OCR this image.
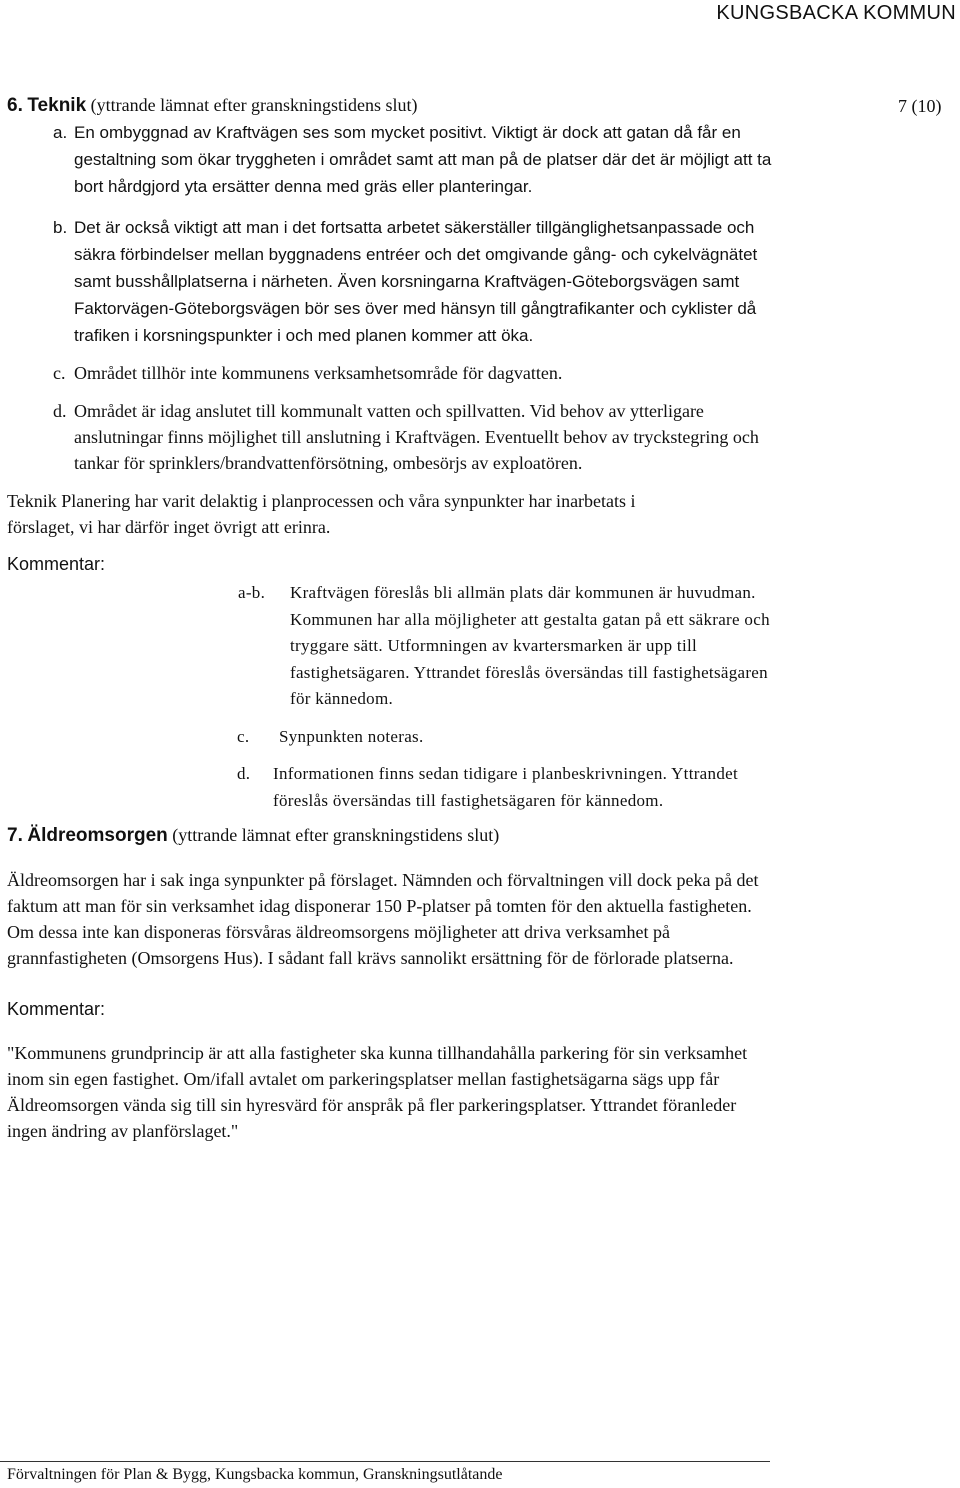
KUNGSBACKA KOMMUN
7 (10)
6. Teknik (yttrande lämnat efter granskningstidens slut)
a. En ombyggnad av Kraftvägen ses som mycket positivt. Viktigt är dock att gatan då får en gestaltning som ökar tryggheten i området samt att man på de platser där det är möjligt att ta bort hårdgjord yta ersätter denna med gräs eller planteringar.
b. Det är också viktigt att man i det fortsatta arbetet säkerställer tillgänglighetsanpassade och säkra förbindelser mellan byggnadens entréer och det omgivande gång- och cykelvägnätet samt busshållplatserna i närheten. Även korsningarna Kraftvägen-Göteborgsvägen samt Faktorvägen-Göteborgsvägen bör ses över med hänsyn till gångtrafikanter och cyklister då trafiken i korsningspunkter i och med planen kommer att öka.
c. Området tillhör inte kommunens verksamhetsområde för dagvatten.
d. Området är idag anslutet till kommunalt vatten och spillvatten. Vid behov av ytterligare anslutningar finns möjlighet till anslutning i Kraftvägen. Eventuellt behov av tryckstegring och tankar för sprinklers/brandvattenförsötning, ombesörjs av exploatören.
Teknik Planering har varit delaktig i planprocessen och våra synpunkter har inarbetats i förslaget, vi har därför inget övrigt att erinra.
Kommentar:
a-b. Kraftvägen föreslås bli allmän plats där kommunen är huvudman. Kommunen har alla möjligheter att gestalta gatan på ett säkrare och tryggare sätt. Utformningen av kvartersmarken är upp till fastighetsägaren. Yttrandet föreslås översändas till fastighetsägaren för kännedom.
c. Synpunkten noteras.
d. Informationen finns sedan tidigare i planbeskrivningen. Yttrandet föreslås översändas till fastighetsägaren för kännedom.
7. Äldreomsorgen (yttrande lämnat efter granskningstidens slut)
Äldreomsorgen har i sak inga synpunkter på förslaget. Nämnden och förvaltningen vill dock peka på det faktum att man för sin verksamhet idag disponerar 150 P-platser på tomten för den aktuella fastigheten. Om dessa inte kan disponeras försvåras äldreomsorgens möjligheter att driva verksamhet på grannfastigheten (Omsorgens Hus). I sådant fall krävs sannolikt ersättning för de förlorade platserna.
Kommentar:
"Kommunens grundprincip är att alla fastigheter ska kunna tillhandahålla parkering för sin verksamhet inom sin egen fastighet. Om/ifall avtalet om parkeringsplatser mellan fastighetsägarna sägs upp får Äldreomsorgen vända sig till sin hyresvärd för anspråk på fler parkeringsplatser. Yttrandet föranleder ingen ändring av planförslaget."
Förvaltningen för Plan & Bygg, Kungsbacka kommun, Granskningsutlåtande
